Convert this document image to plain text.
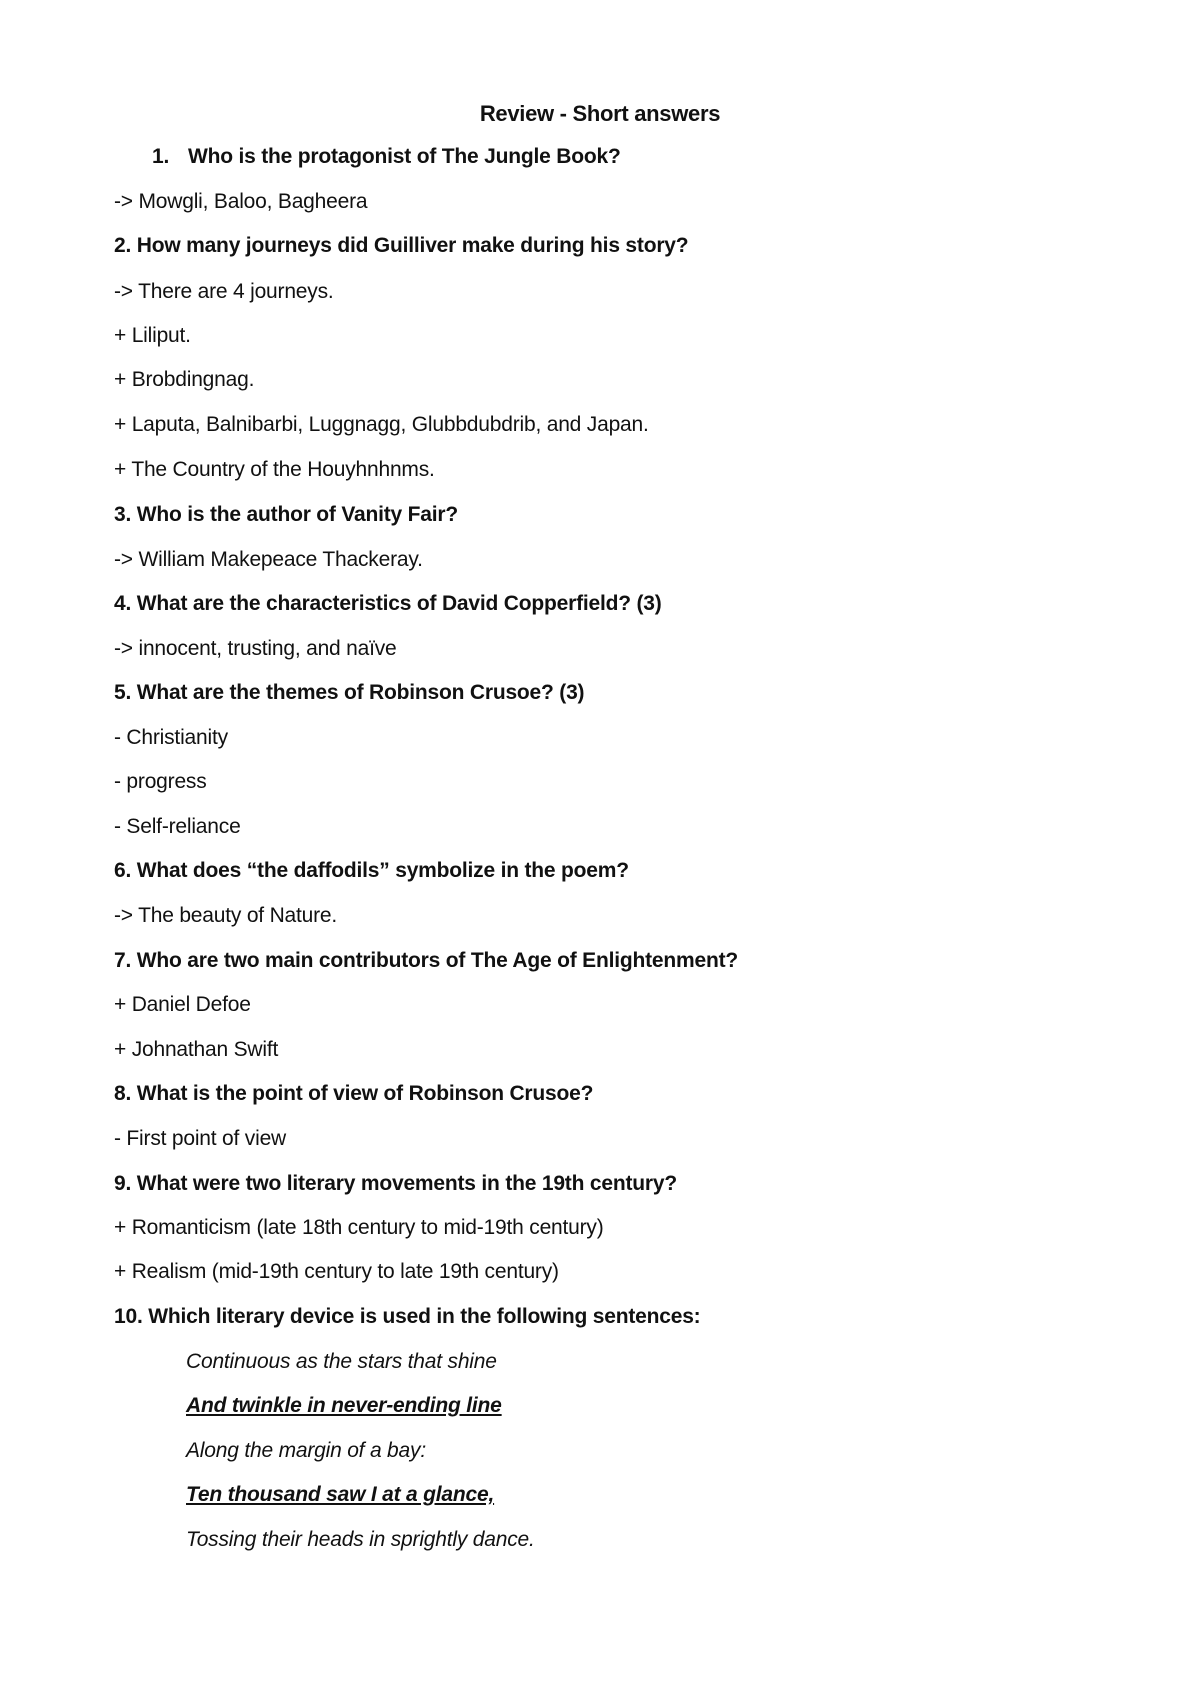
Review - Short answers
1. Who is the protagonist of The Jungle Book?
-> Mowgli, Baloo, Bagheera
2. How many journeys did Guilliver make during his story?
-> There are 4 journeys.
+ Liliput.
+ Brobdingnag.
+ Laputa, Balnibarbi, Luggnagg, Glubbdubdrib, and Japan.
+ The Country of the Houyhnhnms.
3. Who is the author of Vanity Fair?
-> William Makepeace Thackeray.
4. What are the characteristics of David Copperfield? (3)
-> innocent, trusting, and naïve
5. What are the themes of Robinson Crusoe? (3)
- Christianity
- progress
- Self-reliance
6. What does “the daffodils” symbolize in the poem?
-> The beauty of Nature.
7. Who are two main contributors of The Age of Enlightenment?
+ Daniel Defoe
+ Johnathan Swift
8. What is the point of view of Robinson Crusoe?
- First point of view
9. What were two literary movements in the 19th century?
+ Romanticism (late 18th century to mid-19th century)
+ Realism (mid-19th century to late 19th century)
10. Which literary device is used in the following sentences:
Continuous as the stars that shine
And twinkle in never-ending line
Along the margin of a bay:
Ten thousand saw I at a glance,
Tossing their heads in sprightly dance.
